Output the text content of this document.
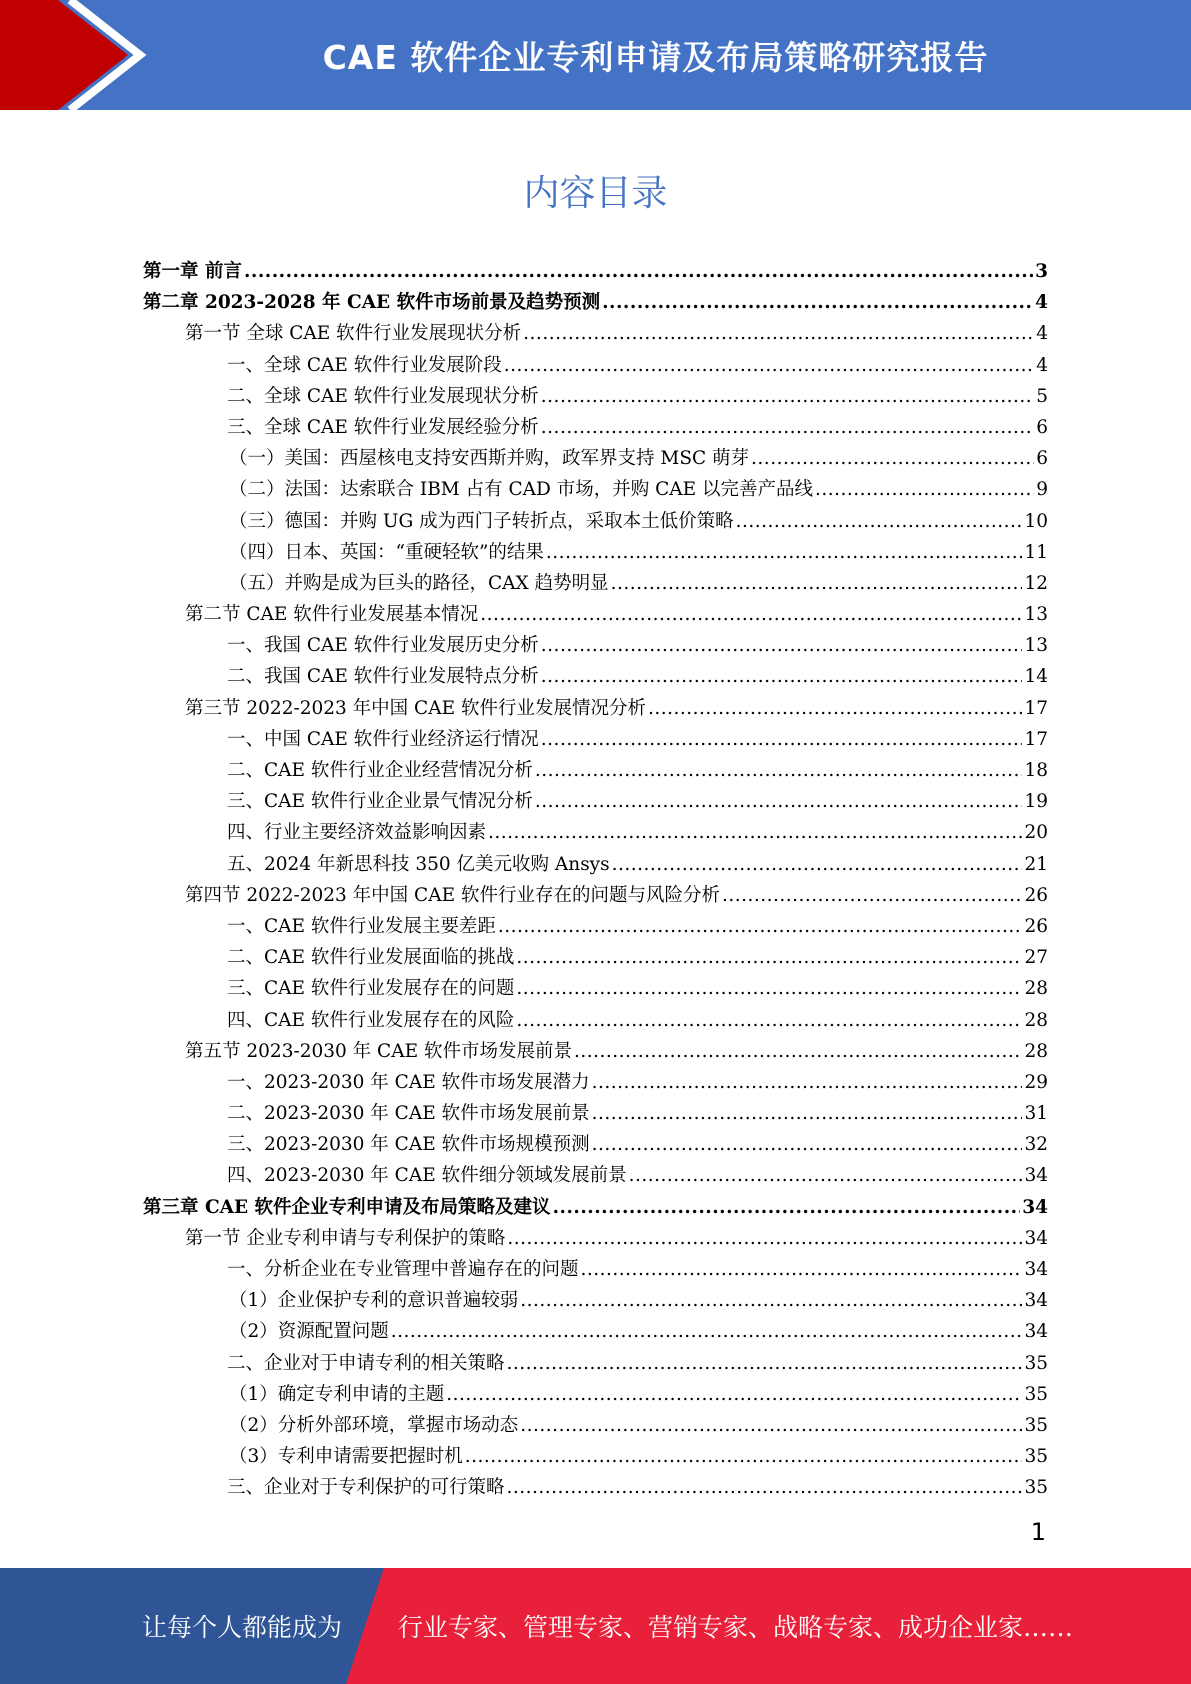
CAE 软件企业专利申请及布局策略研究报告
内容目录
第一章 前言 .....	3
第二章 2023-2028 年 CAE 软件市场前景及趋势预测 .....	4
第一节 全球 CAE 软件行业发展现状分析 .....	4
一、全球 CAE 软件行业发展阶段 .....	4
二、全球 CAE 软件行业发展现状分析 .....	5
三、全球 CAE 软件行业发展经验分析 .....	6
（一）美国：西屋核电支持安西斯并购，政军界支持 MSC 萌芽 .....	6
（二）法国：达索联合 IBM 占有 CAD 市场，并购 CAE 以完善产品线 .....	9
（三）德国：并购 UG 成为西门子转折点，采取本土低价策略 .....	10
（四）日本、英国：“重硬轻软”的结果 .....	11
（五）并购是成为巨头的路径，CAX 趋势明显 .....	12
第二节 CAE 软件行业发展基本情况 .....	13
一、我国 CAE 软件行业发展历史分析 .....	13
二、我国 CAE 软件行业发展特点分析 .....	14
第三节 2022-2023 年中国 CAE 软件行业发展情况分析 .....	17
一、中国 CAE 软件行业经济运行情况 .....	17
二、CAE 软件行业企业经营情况分析 .....	18
三、CAE 软件行业企业景气情况分析 .....	19
四、行业主要经济效益影响因素 .....	20
五、2024 年新思科技 350 亿美元收购 Ansys .....	21
第四节 2022-2023 年中国 CAE 软件行业存在的问题与风险分析 .....	26
一、CAE 软件行业发展主要差距 .....	26
二、CAE 软件行业发展面临的挑战 .....	27
三、CAE 软件行业发展存在的问题 .....	28
四、CAE 软件行业发展存在的风险 .....	28
第五节 2023-2030 年 CAE 软件市场发展前景 .....	28
一、2023-2030 年 CAE 软件市场发展潜力 .....	29
二、2023-2030 年 CAE 软件市场发展前景 .....	31
三、2023-2030 年 CAE 软件市场规模预测 .....	32
四、2023-2030 年 CAE 软件细分领域发展前景 .....	34
第三章 CAE 软件企业专利申请及布局策略及建议 .....	34
第一节 企业专利申请与专利保护的策略 .....	34
一、分析企业在专业管理中普遍存在的问题 .....	34
（1）企业保护专利的意识普遍较弱 .....	34
（2）资源配置问题 .....	34
二、企业对于申请专利的相关策略 .....	35
（1）确定专利申请的主题 .....	35
（2）分析外部环境，掌握市场动态 .....	35
（3）专利申请需要把握时机 .....	35
三、企业对于专利保护的可行策略 .....	35
1
让每个人都能成为 行业专家、管理专家、营销专家、战略专家、成功企业家……
